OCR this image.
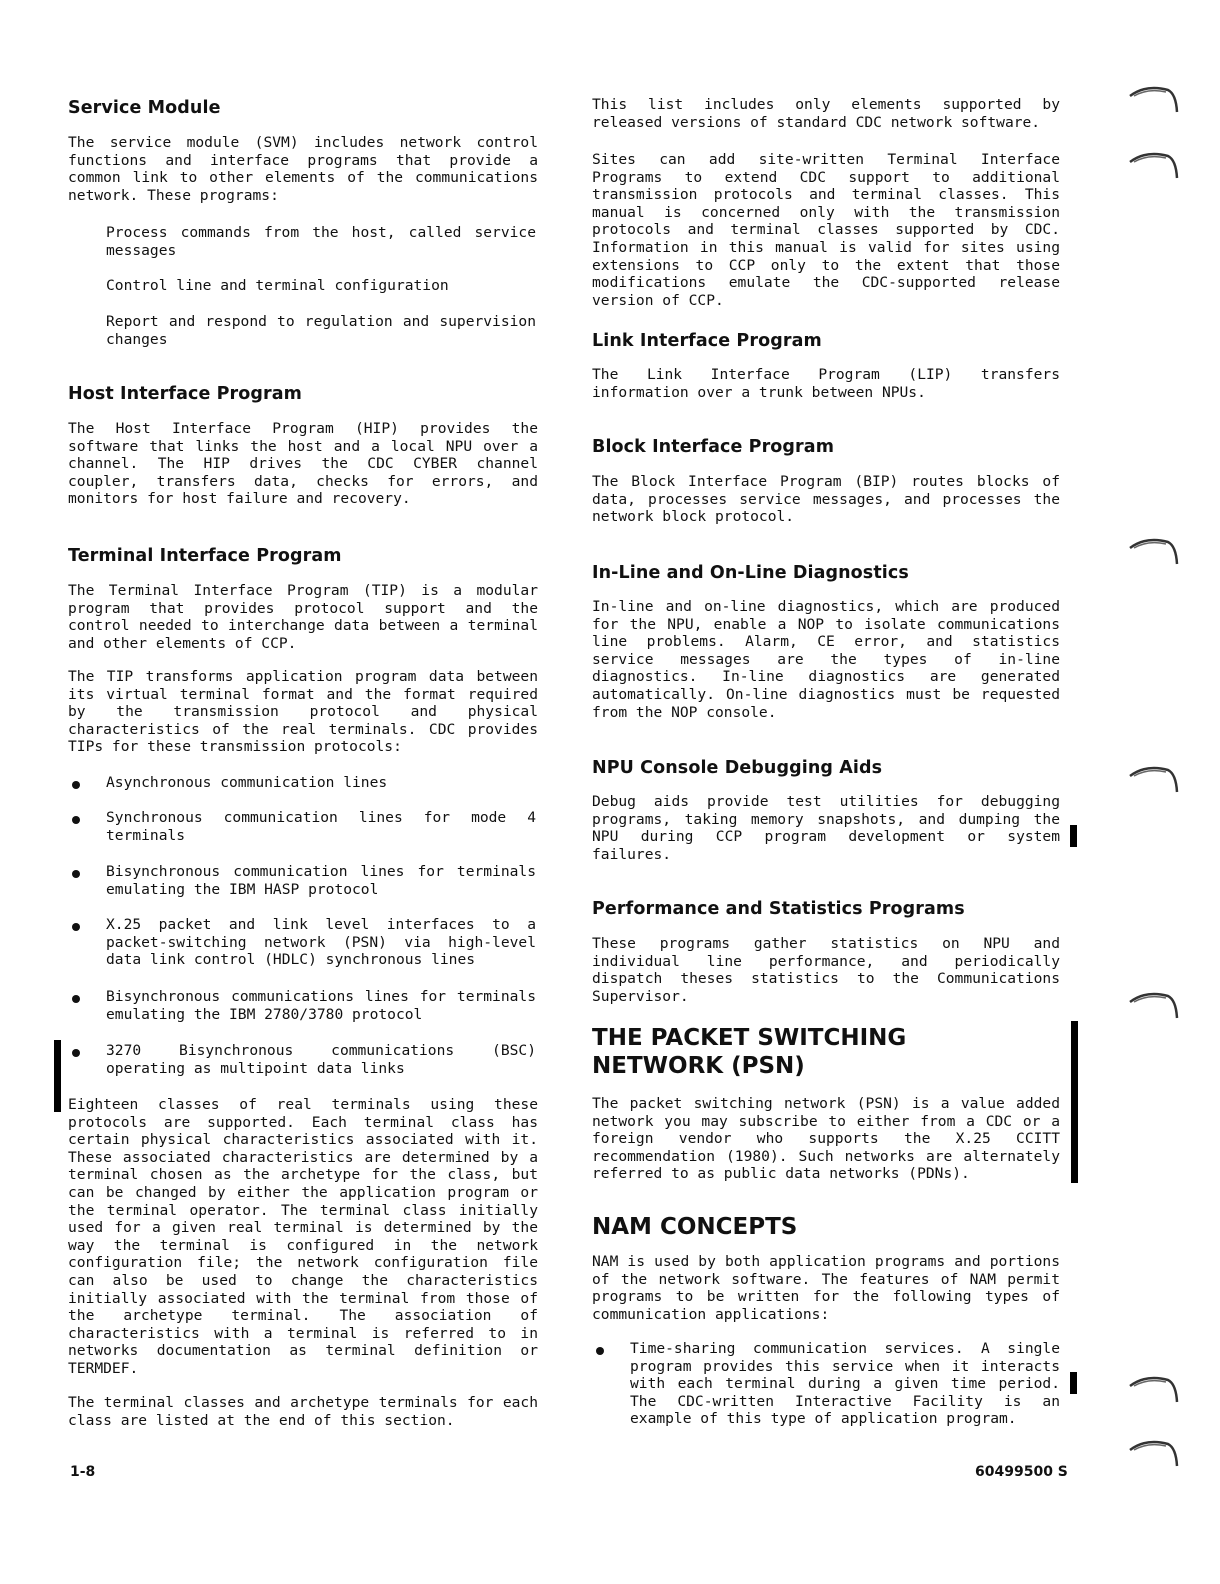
Service Module
The service module (SVM) includes network control functions and interface programs that provide a common link to other elements of the communications network. These programs:
Process commands from the host, called service messages
Control line and terminal configuration
Report and respond to regulation and supervision changes
Host Interface Program
The Host Interface Program (HIP) provides the software that links the host and a local NPU over a channel. The HIP drives the CDC CYBER channel coupler, transfers data, checks for errors, and monitors for host failure and recovery.
Terminal Interface Program
The Terminal Interface Program (TIP) is a modular program that provides protocol support and the control needed to interchange data between a terminal and other elements of CCP.
The TIP transforms application program data between its virtual terminal format and the format required by the transmission protocol and physical characteristics of the real terminals. CDC provides TIPs for these transmission protocols:
Asynchronous communication lines
Synchronous communication lines for mode 4 terminals
Bisynchronous communication lines for terminals emulating the IBM HASP protocol
X.25 packet and link level interfaces to a packet-switching network (PSN) via high-level data link control (HDLC) synchronous lines
Bisynchronous communications lines for terminals emulating the IBM 2780/3780 protocol
3270 Bisynchronous communications (BSC) operating as multipoint data links
Eighteen classes of real terminals using these protocols are supported. Each terminal class has certain physical characteristics associated with it. These associated characteristics are determined by a terminal chosen as the archetype for the class, but can be changed by either the application program or the terminal operator. The terminal class initially used for a given real terminal is determined by the way the terminal is configured in the network configuration file; the network configuration file can also be used to change the characteristics initially associated with the terminal from those of the archetype terminal. The association of characteristics with a terminal is referred to in networks documentation as terminal definition or TERMDEF.
The terminal classes and archetype terminals for each class are listed at the end of this section.
This list includes only elements supported by released versions of standard CDC network software.
Sites can add site-written Terminal Interface Programs to extend CDC support to additional transmission protocols and terminal classes. This manual is concerned only with the transmission protocols and terminal classes supported by CDC. Information in this manual is valid for sites using extensions to CCP only to the extent that those modifications emulate the CDC-supported release version of CCP.
Link Interface Program
The Link Interface Program (LIP) transfers information over a trunk between NPUs.
Block Interface Program
The Block Interface Program (BIP) routes blocks of data, processes service messages, and processes the network block protocol.
In-Line and On-Line Diagnostics
In-line and on-line diagnostics, which are produced for the NPU, enable a NOP to isolate communications line problems. Alarm, CE error, and statistics service messages are the types of in-line diagnostics. In-line diagnostics are generated automatically. On-line diagnostics must be requested from the NOP console.
NPU Console Debugging Aids
Debug aids provide test utilities for debugging programs, taking memory snapshots, and dumping the NPU during CCP program development or system failures.
Performance and Statistics Programs
These programs gather statistics on NPU and individual line performance, and periodically dispatch theses statistics to the Communications Supervisor.
THE PACKET SWITCHING
NETWORK (PSN)
The packet switching network (PSN) is a value added network you may subscribe to either from a CDC or a foreign vendor who supports the X.25 CCITT recommendation (1980). Such networks are alternately referred to as public data networks (PDNs).
NAM CONCEPTS
NAM is used by both application programs and portions of the network software. The features of NAM permit programs to be written for the following types of communication applications:
Time-sharing communication services. A single program provides this service when it interacts with each terminal during a given time period. The CDC-written Interactive Facility is an example of this type of application program.
1-8	60499500 S
